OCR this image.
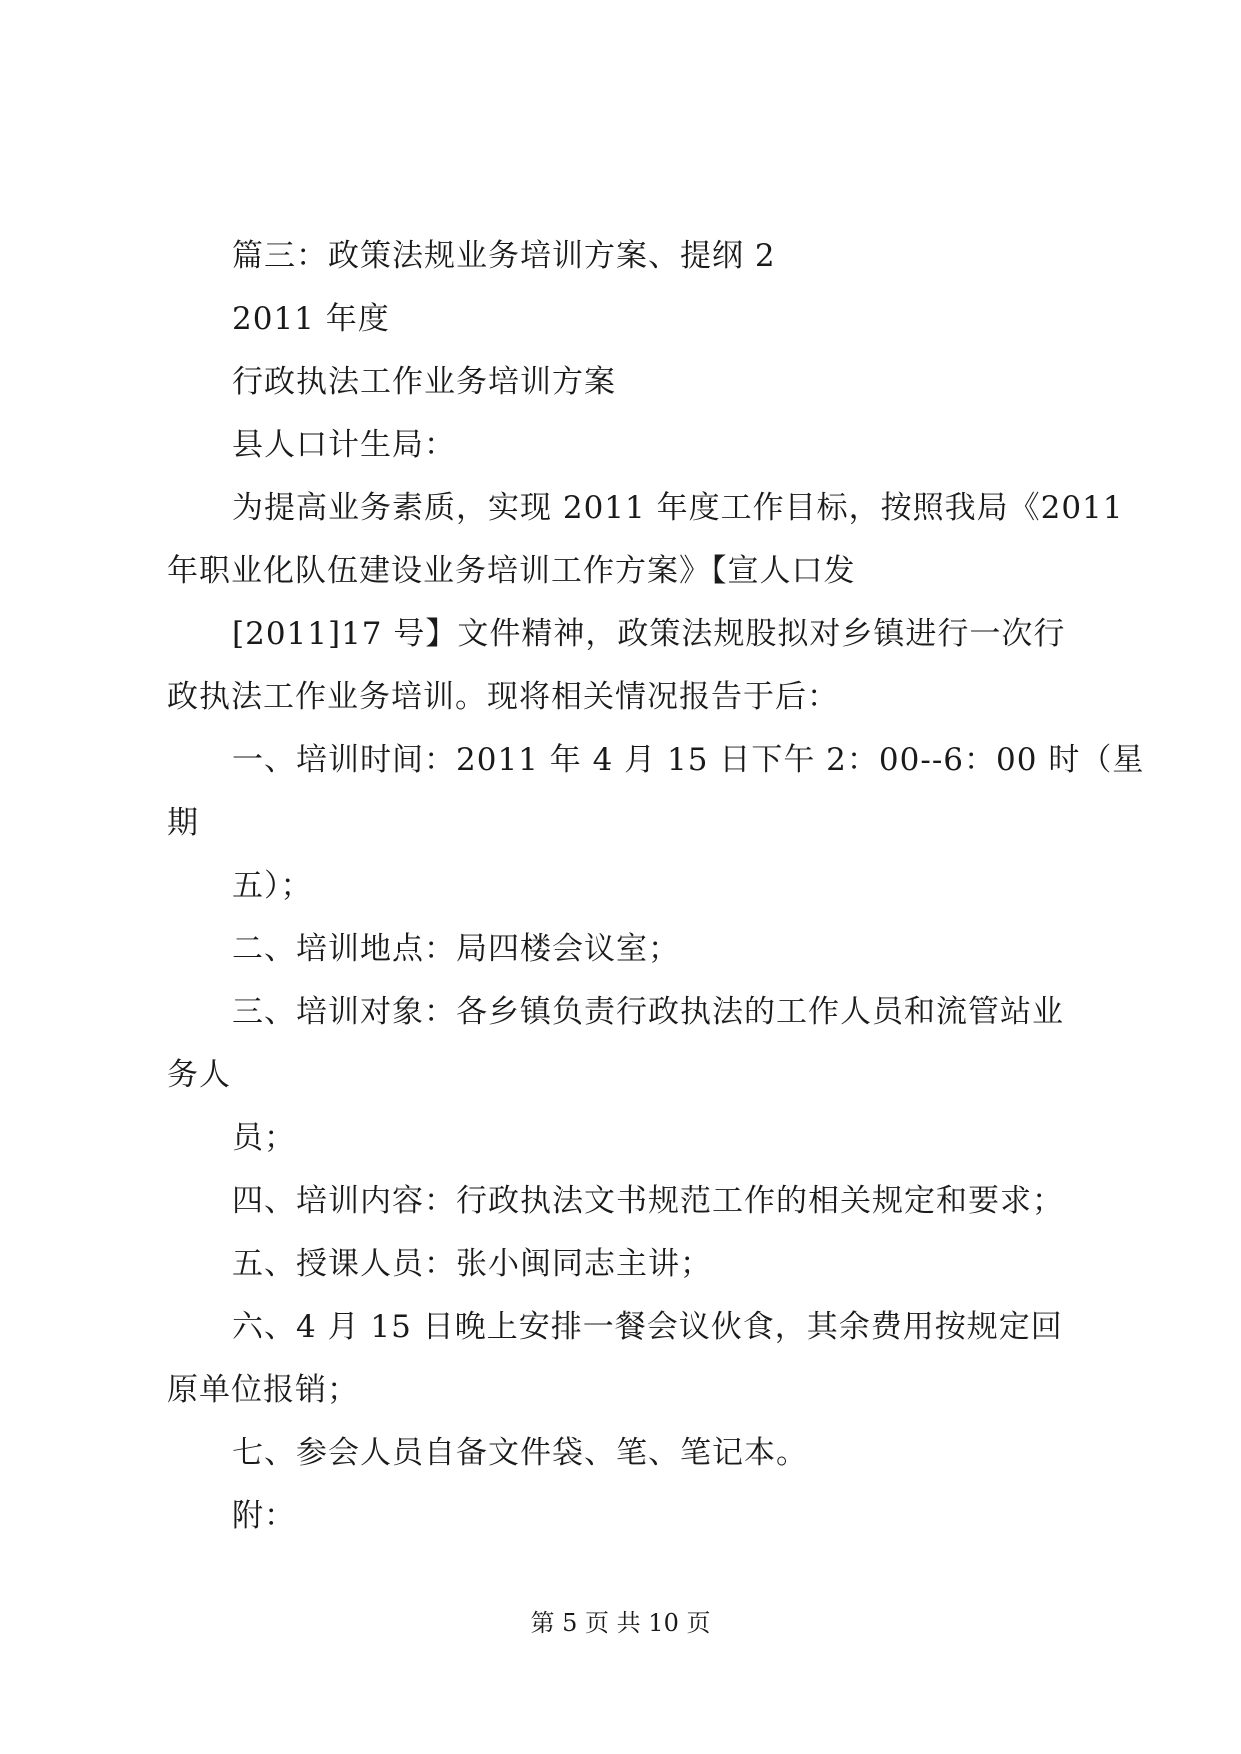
篇三：政策法规业务培训方案、提纲 2
2011 年度
行政执法工作业务培训方案
县人口计生局：
为提高业务素质，实现 2011 年度工作目标，按照我局《2011
年职业化队伍建设业务培训工作方案》【宣人口发
[2011]17 号】文件精神，政策法规股拟对乡镇进行一次行
政执法工作业务培训。现将相关情况报告于后：
一、培训时间：2011 年 4 月 15 日下午 2：00--6：00 时（星
期
五）；
二、培训地点：局四楼会议室；
三、培训对象：各乡镇负责行政执法的工作人员和流管站业
务人
员；
四、培训内容：行政执法文书规范工作的相关规定和要求；
五、授课人员：张小闽同志主讲；
六、4 月 15 日晚上安排一餐会议伙食，其余费用按规定回
原单位报销；
七、参会人员自备文件袋、笔、笔记本。
附：
第 5 页 共 10 页
